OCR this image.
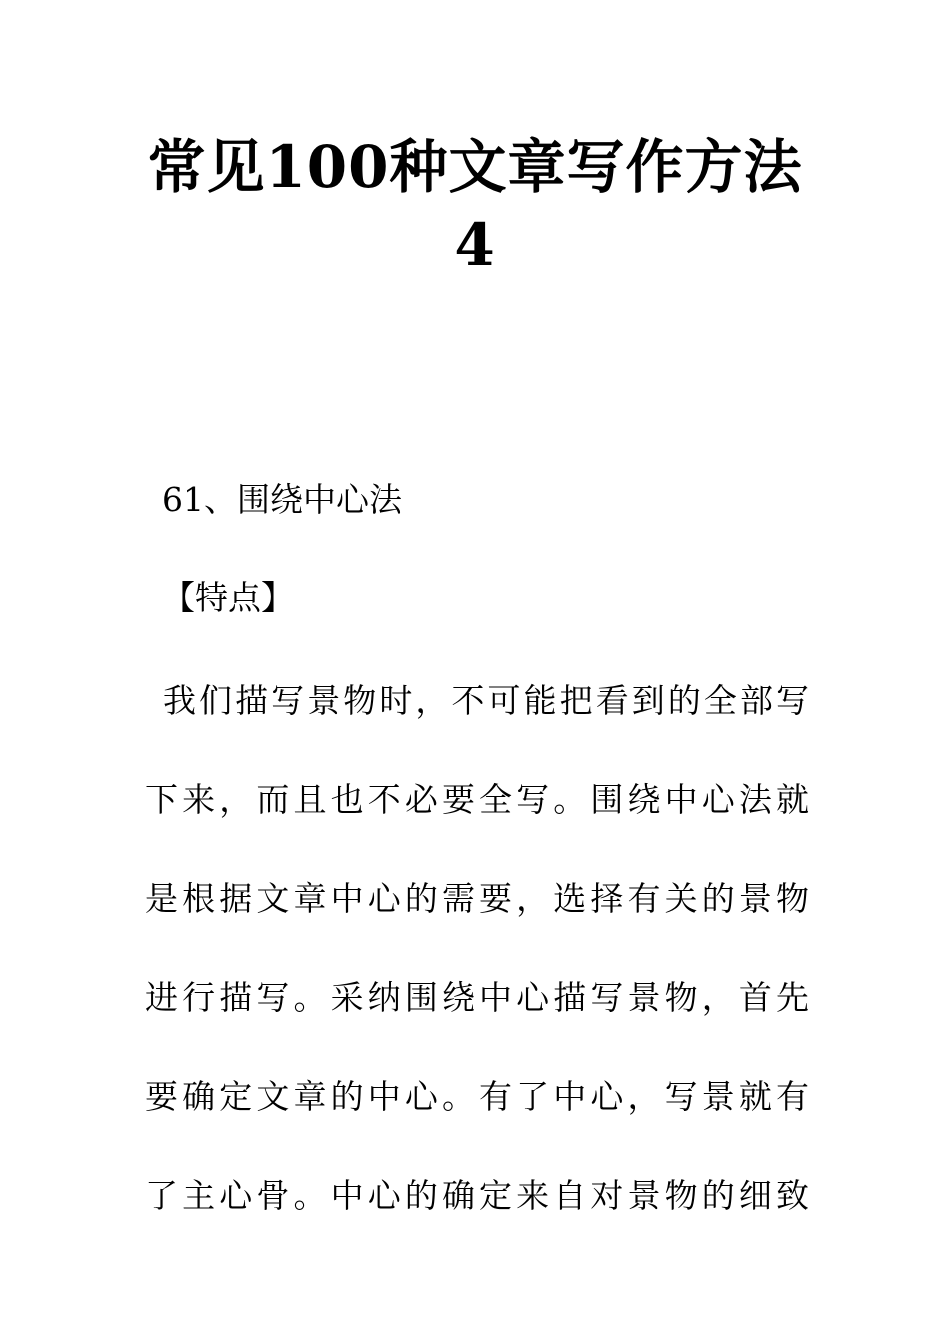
常见100种文章写作方法
4
61、围绕中心法
【特点】
我们描写景物时，不可能把看到的全部写
下来，而且也不必要全写。围绕中心法就
是根据文章中心的需要，选择有关的景物
进行描写。采纳围绕中心描写景物，首先
要确定文章的中心。有了中心，写景就有
了主心骨。中心的确定来自对景物的细致
